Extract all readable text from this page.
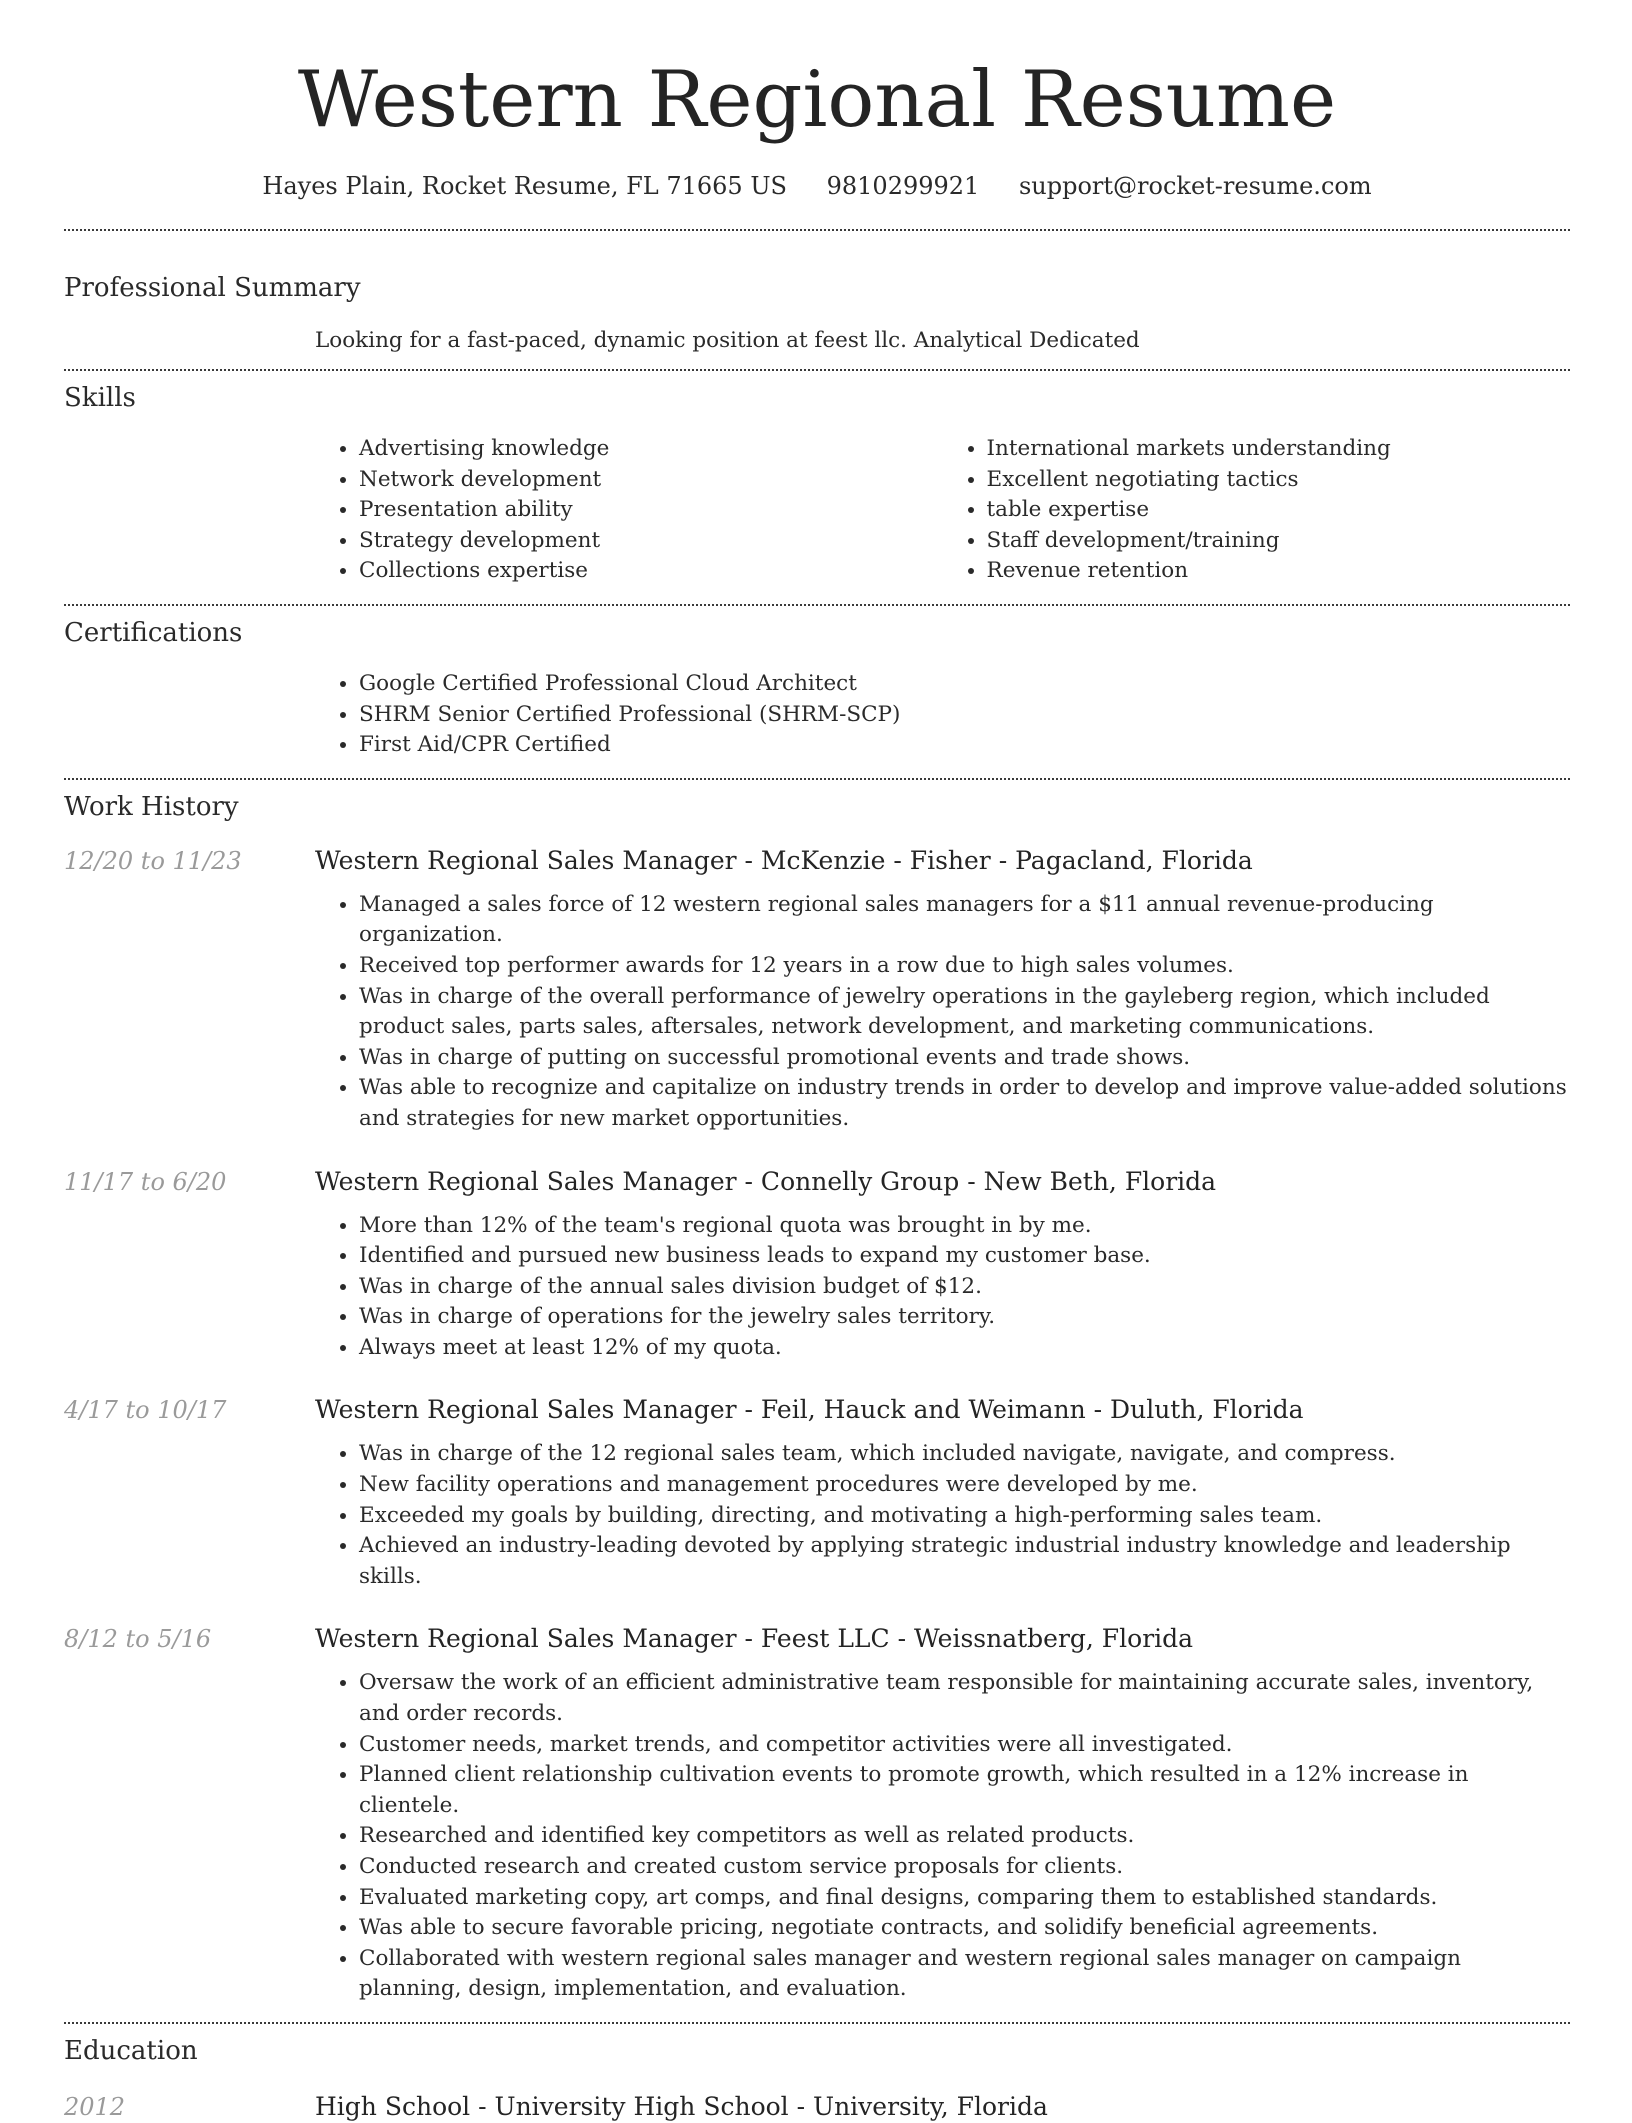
Western Regional Resume
Hayes Plain, Rocket Resume, FL 71665 US 9810299921 support@rocket-resume.com
Professional Summary
Looking for a fast-paced, dynamic position at feest llc. Analytical Dedicated
Skills
• Advertising knowledge
• Network development
• Presentation ability
• Strategy development
• Collections expertise
• International markets understanding
• Excellent negotiating tactics
• table expertise
• Staff development/training
• Revenue retention
Certifications
• Google Certified Professional Cloud Architect
• SHRM Senior Certified Professional (SHRM-SCP)
• First Aid/CPR Certified
Work History
12/20 to 11/23	Western Regional Sales Manager - McKenzie - Fisher - Pagacland, Florida
• Managed a sales force of 12 western regional sales managers for a $11 annual revenue-producing organization.
• Received top performer awards for 12 years in a row due to high sales volumes.
• Was in charge of the overall performance of jewelry operations in the gayleberg region, which included product sales, parts sales, aftersales, network development, and marketing communications.
• Was in charge of putting on successful promotional events and trade shows.
• Was able to recognize and capitalize on industry trends in order to develop and improve value-added solutions and strategies for new market opportunities.
11/17 to 6/20	Western Regional Sales Manager - Connelly Group - New Beth, Florida
• More than 12% of the team's regional quota was brought in by me.
• Identified and pursued new business leads to expand my customer base.
• Was in charge of the annual sales division budget of $12.
• Was in charge of operations for the jewelry sales territory.
• Always meet at least 12% of my quota.
4/17 to 10/17	Western Regional Sales Manager - Feil, Hauck and Weimann - Duluth, Florida
• Was in charge of the 12 regional sales team, which included navigate, navigate, and compress.
• New facility operations and management procedures were developed by me.
• Exceeded my goals by building, directing, and motivating a high-performing sales team.
• Achieved an industry-leading devoted by applying strategic industrial industry knowledge and leadership skills.
8/12 to 5/16	Western Regional Sales Manager - Feest LLC - Weissnatberg, Florida
• Oversaw the work of an efficient administrative team responsible for maintaining accurate sales, inventory, and order records.
• Customer needs, market trends, and competitor activities were all investigated.
• Planned client relationship cultivation events to promote growth, which resulted in a 12% increase in clientele.
• Researched and identified key competitors as well as related products.
• Conducted research and created custom service proposals for clients.
• Evaluated marketing copy, art comps, and final designs, comparing them to established standards.
• Was able to secure favorable pricing, negotiate contracts, and solidify beneficial agreements.
• Collaborated with western regional sales manager and western regional sales manager on campaign planning, design, implementation, and evaluation.
Education
2012	High School - University High School - University, Florida
